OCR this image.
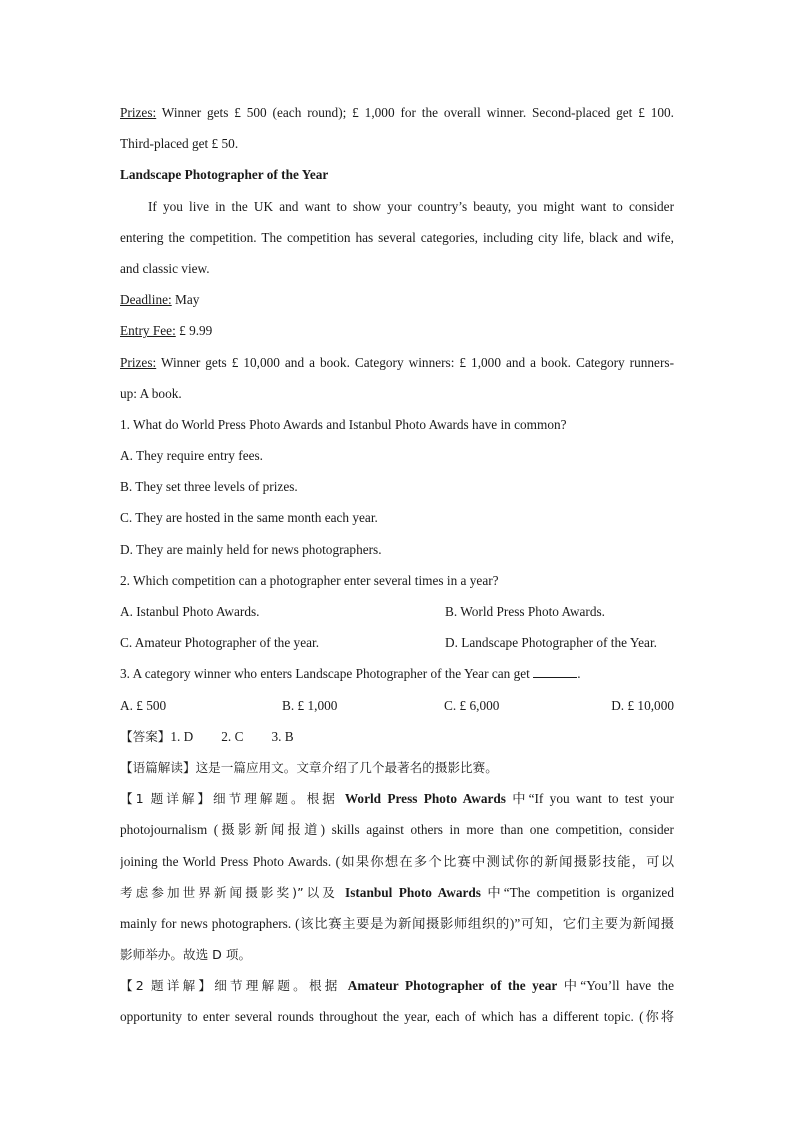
Prizes: Winner gets £ 500 (each round); £ 1,000 for the overall winner. Second-placed get £ 100.
Third-placed get £ 50.
Landscape Photographer of the Year
If you live in the UK and want to show your country’s beauty, you might want to consider
entering the competition. The competition has several categories, including city life, black and wife,
and classic view.
Deadline: May
Entry Fee: £ 9.99
Prizes: Winner gets £ 10,000 and a book. Category winners: £ 1,000 and a book. Category runners-
up: A book.
1. What do World Press Photo Awards and Istanbul Photo Awards have in common?
A. They require entry fees.
B. They set three levels of prizes.
C. They are hosted in the same month each year.
D. They are mainly held for news photographers.
2. Which competition can a photographer enter several times in a year?
A. Istanbul Photo Awards.	B. World Press Photo Awards.
C. Amateur Photographer of the year.	D. Landscape Photographer of the Year.
3. A category winner who enters Landscape Photographer of the Year can get	.
A. £ 500	B. £ 1,000	C. £ 6,000	D. £ 10,000
【答案】1. D 2. C 3. B
【语篇解读】这是一篇应用文。文章介绍了几个最著名的摄影比赛。
【1 题详解】细节理解题。根据 World Press Photo Awards 中“If you want to test your
photojournalism (摄影新闻报道) skills against others in more than one competition, consider
joining the World Press Photo Awards. (如果你想在多个比赛中测试你的新闻摄影技能，可以
考虑参加世界新闻摄影奖)”以及 Istanbul Photo Awards 中“The competition is organized
mainly for news photographers. (该比赛主要是为新闻摄影师组织的)”可知，它们主要为新闻摄
影师举办。故选 D 项。
【2 题详解】细节理解题。根据 Amateur Photographer of the year 中“You’ll have the
opportunity to enter several rounds throughout the year, each of which has a different topic. (你将
